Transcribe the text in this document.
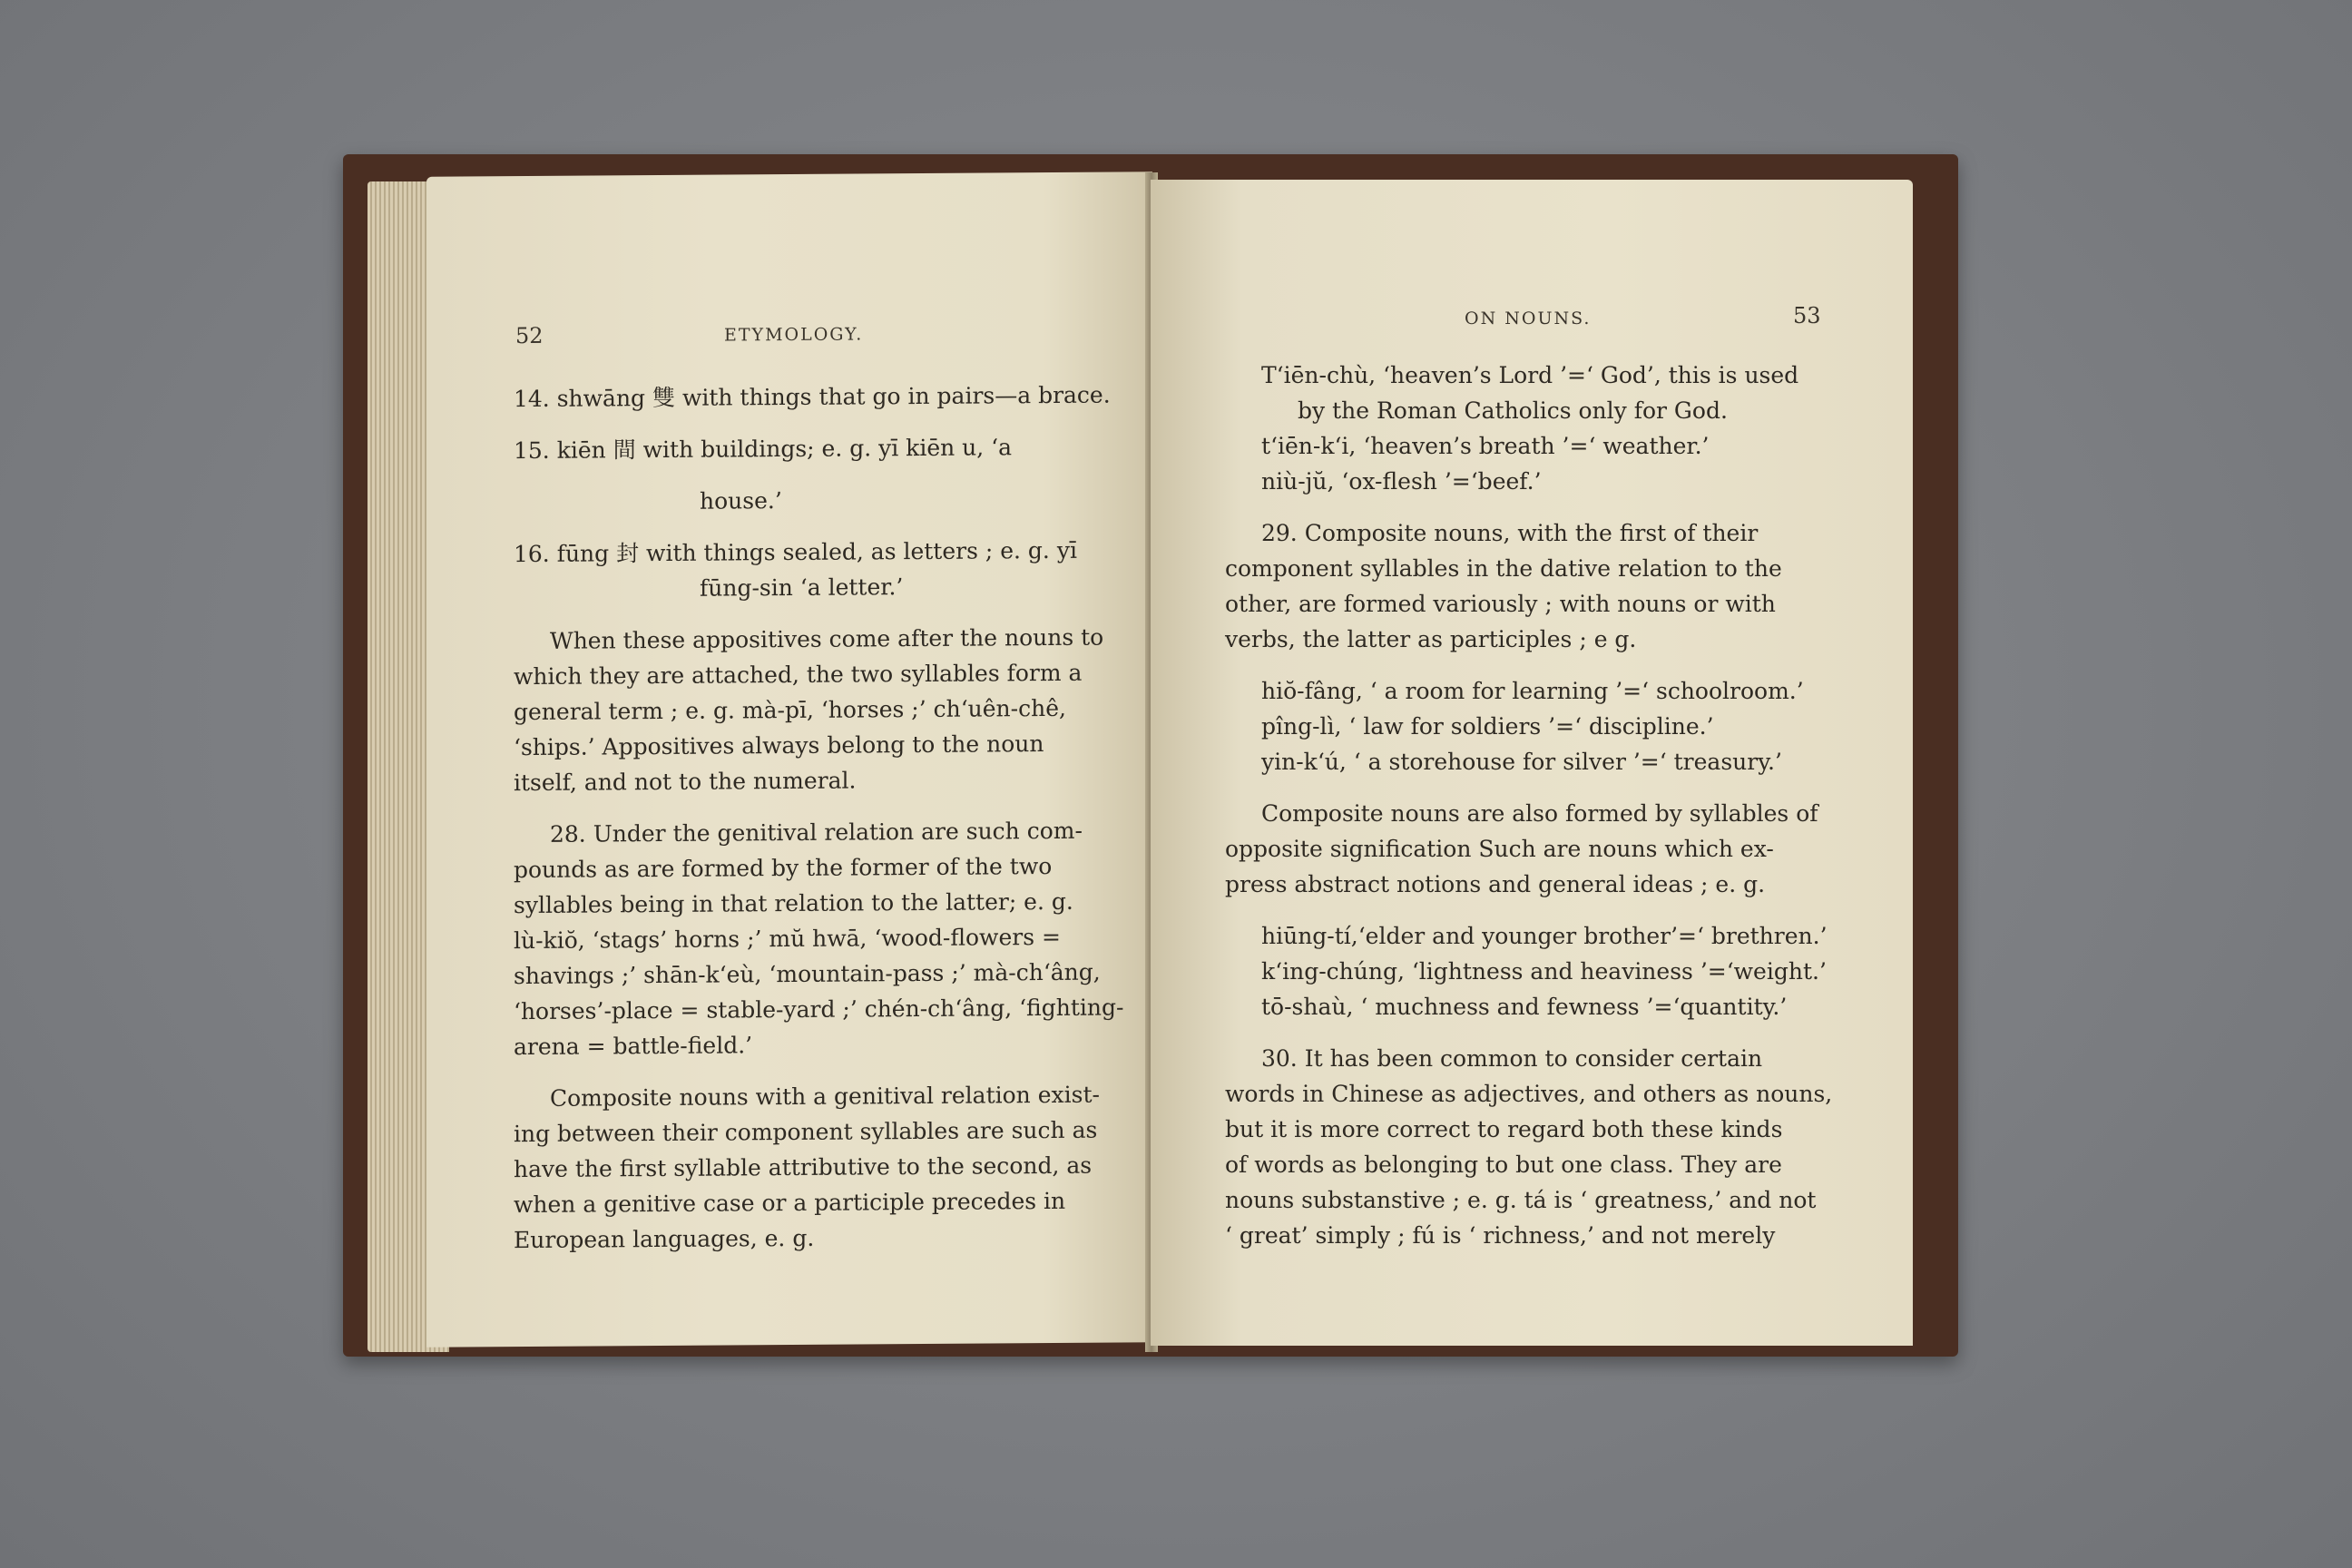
52	ETYMOLOGY.
14. shwāng 雙 with things that go in pairs—a brace.
15. kiēn 間 with buildings; e. g. yī kiēn u, ‘a
house.’
16. fūng 封 with things sealed, as letters ; e. g. yī
fūng-sin ‘a letter.’
When these appositives come after the nouns to
which they are attached, the two syllables form a
general term ; e. g. mà-pī, ‘horses ;’ ch‘uên-chê,
‘ships.’ Appositives always belong to the noun
itself, and not to the numeral.
28. Under the genitival relation are such com-
pounds as are formed by the former of the two
syllables being in that relation to the latter; e. g.
lù-kiŏ, ‘stags’ horns ;’ mŭ hwā, ‘wood-flowers =
shavings ;’ shān-k‘eù, ‘mountain-pass ;’ mà-ch‘âng,
‘horses’-place = stable-yard ;’ chén-ch‘âng, ‘fighting-
arena = battle-field.’
Composite nouns with a genitival relation exist-
ing between their component syllables are such as
have the first syllable attributive to the second, as
when a genitive case or a participle precedes in
European languages, e. g.
ON NOUNS.	53
T‘iēn-chù, ‘heaven’s Lord ’=‘ God’, this is used
by the Roman Catholics only for God.
t‘iēn-k‘i, ‘heaven’s breath ’=‘ weather.’
niù-jŭ, ‘ox-flesh ’=‘beef.’
29. Composite nouns, with the first of their
component syllables in the dative relation to the
other, are formed variously ; with nouns or with
verbs, the latter as participles ; e g.
hiŏ-fâng, ‘ a room for learning ’=‘ schoolroom.’
pîng-lì, ‘ law for soldiers ’=‘ discipline.’
yin-k‘ú, ‘ a storehouse for silver ’=‘ treasury.’
Composite nouns are also formed by syllables of
opposite signification Such are nouns which ex-
press abstract notions and general ideas ; e. g.
hiūng-tí,‘elder and younger brother’=‘ brethren.’
k‘ing-chúng, ‘lightness and heaviness ’=‘weight.’
tō-shaù, ‘ muchness and fewness ’=‘quantity.’
30. It has been common to consider certain
words in Chinese as adjectives, and others as nouns,
but it is more correct to regard both these kinds
of words as belonging to but one class. They are
nouns substanstive ; e. g. tá is ‘ greatness,’ and not
‘ great’ simply ; fú is ‘ richness,’ and not merely
